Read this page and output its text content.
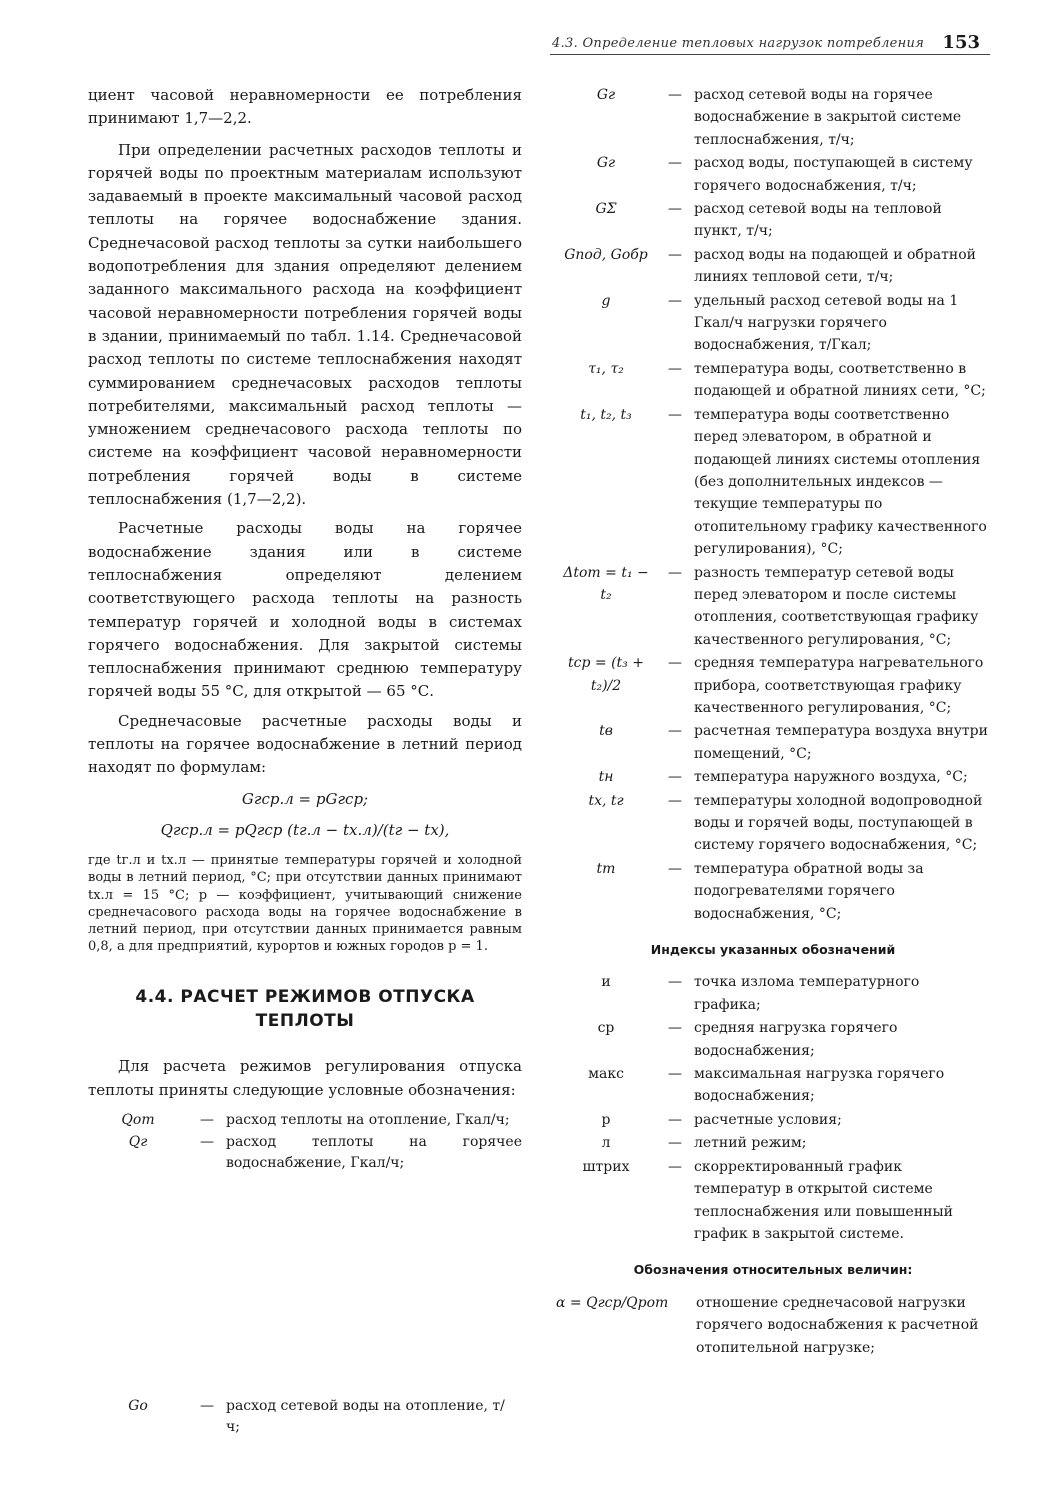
4.3. Определение тепловых нагрузок потребления 153

циент часовой неравномерности ее потребления принимают 1,7—2,2.

При определении расчетных расходов теплоты и горячей воды по проектным материалам используют задаваемый в проекте максимальный часовой расход теплоты на горячее водоснабжение здания. Среднечасовой расход теплоты за сутки наибольшего водопотребления для здания определяют делением заданного максимального расхода на коэффициент часовой неравномерности потребления горячей воды в здании, принимаемый по табл. 1.14. Среднечасовой расход теплоты по системе теплоснабжения находят суммированием среднечасовых расходов теплоты потребителями, максимальный расход теплоты — умножением среднечасового расхода теплоты по системе на коэффициент часовой неравномерности потребления горячей воды в системе теплоснабжения (1,7—2,2).

Расчетные расходы воды на горячее водоснабжение здания или в системе теплоснабжения определяют делением соответствующего расхода теплоты на разность температур горячей и холодной воды в системах горячего водоснабжения. Для закрытой системы теплоснабжения принимают среднюю температуру горячей воды 55 °С, для открытой — 65 °С.

Среднечасовые расчетные расходы воды и теплоты на горячее водоснабжение в летний период находят по формулам:

Gгср.л = pGгср;
Qгср.л = pQгср (tг.л − tх.л)/(tг − tх),

где tг.л и tх.л — принятые температуры горячей и холодной воды в летний период, °С; при отсутствии данных принимают tх.л = 15 °С; p — коэффициент, учитывающий снижение среднечасового расхода воды на горячее водоснабжение в летний период, при отсутствии данных принимается равным 0,8, а для предприятий, курортов и южных городов p = 1.

4.4. РАСЧЕТ РЕЖИМОВ ОТПУСКА ТЕПЛОТЫ

Для расчета режимов регулирования отпуска теплоты приняты следующие условные обозначения:

Qот	— расход теплоты на отопление, Гкал/ч;
Qг	— расход теплоты на горячее водоснабжение, Гкал/ч;
Gо	— расход сетевой воды на отопление, т/ч;
Gг	— расход сетевой воды на горячее водоснабжение в закрытой системе теплоснабжения, т/ч;
Gг	— расход воды, поступающей в систему горячего водоснабжения, т/ч;
GΣ	— расход сетевой воды на тепловой пункт, т/ч;
Gпод, Gобр	— расход воды на подающей и обратной линиях тепловой сети, т/ч;
g	— удельный расход сетевой воды на 1 Гкал/ч нагрузки горячего водоснабжения, т/Гкал;
τ₁, τ₂	— температура воды, соответственно в подающей и обратной линиях сети, °С;
t₁, t₂, t₃	— температура воды соответственно перед элеватором, в обратной и подающей линиях системы отопления (без дополнительных индексов — текущие температуры по отопительному графику качественного регулирования), °С;
Δtот = t₁ − t₂
— разность температур сетевой воды перед элеватором и после системы отопления, соответствующая графику качественного регулирования, °С;
tср = (t₃ + t₂)/2
— средняя температура нагревательного прибора, соответствующая графику качественного регулирования, °С;
tв	— расчетная температура воздуха внутри помещений, °С;
tн	— температура наружного воздуха, °С;
tх, tг	— температуры холодной водопроводной воды и горячей воды, поступающей в систему горячего водоснабжения, °С;
tт	— температура обратной воды за подогревателями горячего водоснабжения, °С;
Индексы указанных обозначений
и	— точка излома температурного графика;
ср	— средняя нагрузка горячего водоснабжения;
макс	— максимальная нагрузка горячего водоснабжения;
р	— расчетные условия;
л	— летний режим;
штрих	— скорректированный график температур в открытой системе теплоснабжения или повышенный график в закрытой системе.
Обозначения относительных величин:
α = Qгср/Qрот	отношение среднечасовой нагрузки горячего водоснабжения к расчетной отопительной нагрузке;
